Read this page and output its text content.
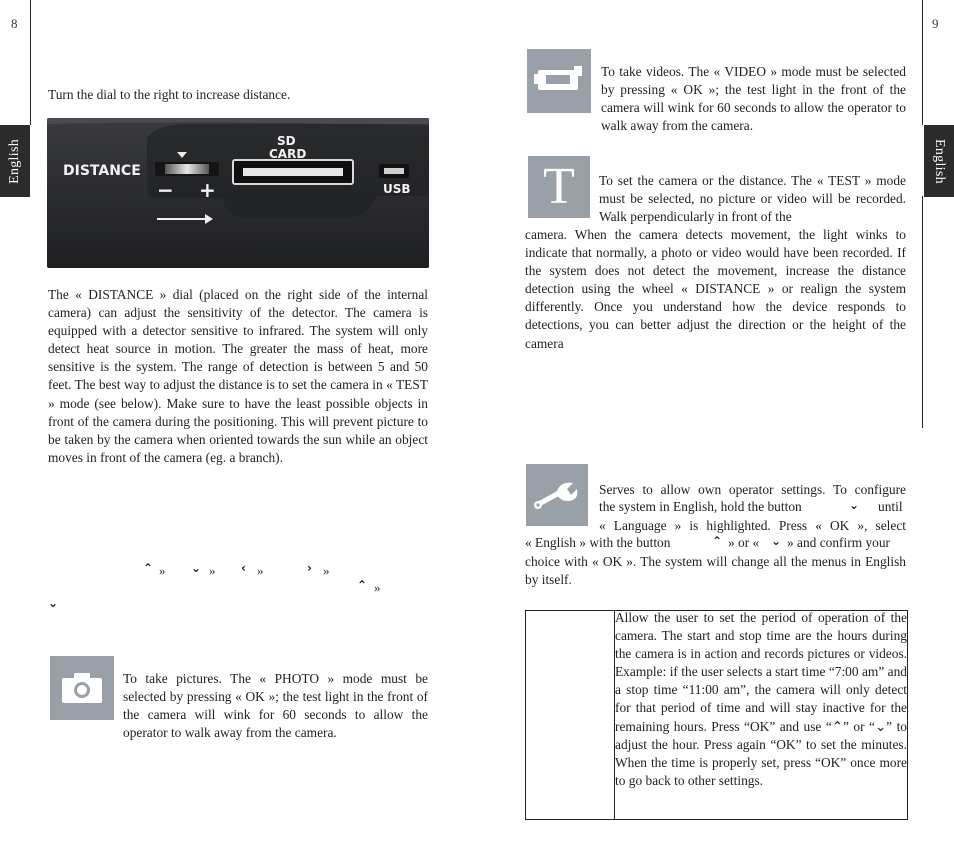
8	9
English	English

Turn the dial to the right to increase distance.

DISTANCE
SD
CARD
USB
− +

The « DISTANCE » dial (placed on the right side of the internal camera) can adjust the sensitivity of the detector. The camera is equipped with a detector sensitive to infrared. The system will only detect heat source in motion. The greater the mass of heat, more sensitive is the system. The range of detection is between 5 and 50 feet. The best way to adjust the distance is to set the camera in « TEST » mode (see below). Make sure to have the least possible objects in front of the camera during the positioning. This will prevent picture to be taken by the camera when oriented towards the sun while an object moves in front of the camera (eg. a branch).

⌃ » ⌄ » ‹ »	› »
⌃ »
⌄

To take pictures. The « PHOTO » mode must be selected by pressing « OK »; the test light in the front of the camera will wink for 60 seconds to allow the operator to walk away from the camera.

To take videos. The « VIDEO » mode must be selected by pressing « OK »; the test light in the front of the camera will wink for 60 seconds to allow the operator to walk away from the camera.

T To set the camera or the distance. The « TEST » mode must be selected, no picture or video will be recorded. Walk perpendicularly in front of the

camera. When the camera detects movement, the light winks to indicate that normally, a photo or video would have been recorded. If the system does not detect the movement, increase the distance detection using the wheel « DISTANCE » or realign the system differently. Once you understand how the device responds to detections, you can better adjust the direction or the height of the camera

Serves to allow own operator settings. To configure
the system in English, hold the button	⌄ until
« Language » is highlighted. Press « OK », select
« English » with the button	⌃ » or « ⌄ » and confirm your

choice with « OK ». The system will change all the menus in English by itself.

Allow the user to set the period of operation of the camera. The start and stop time are the hours during the camera is in action and records pictures or videos. Example: if the user selects a start time “7:00 am” and a stop time “11:00 am”, the camera will only detect for that period of time and will stay inactive for the remaining hours. Press “OK” and use “⌃” or “⌄” to adjust the hour. Press again “OK” to set the minutes. When the time is properly set, press “OK” once more to go back to other settings.
